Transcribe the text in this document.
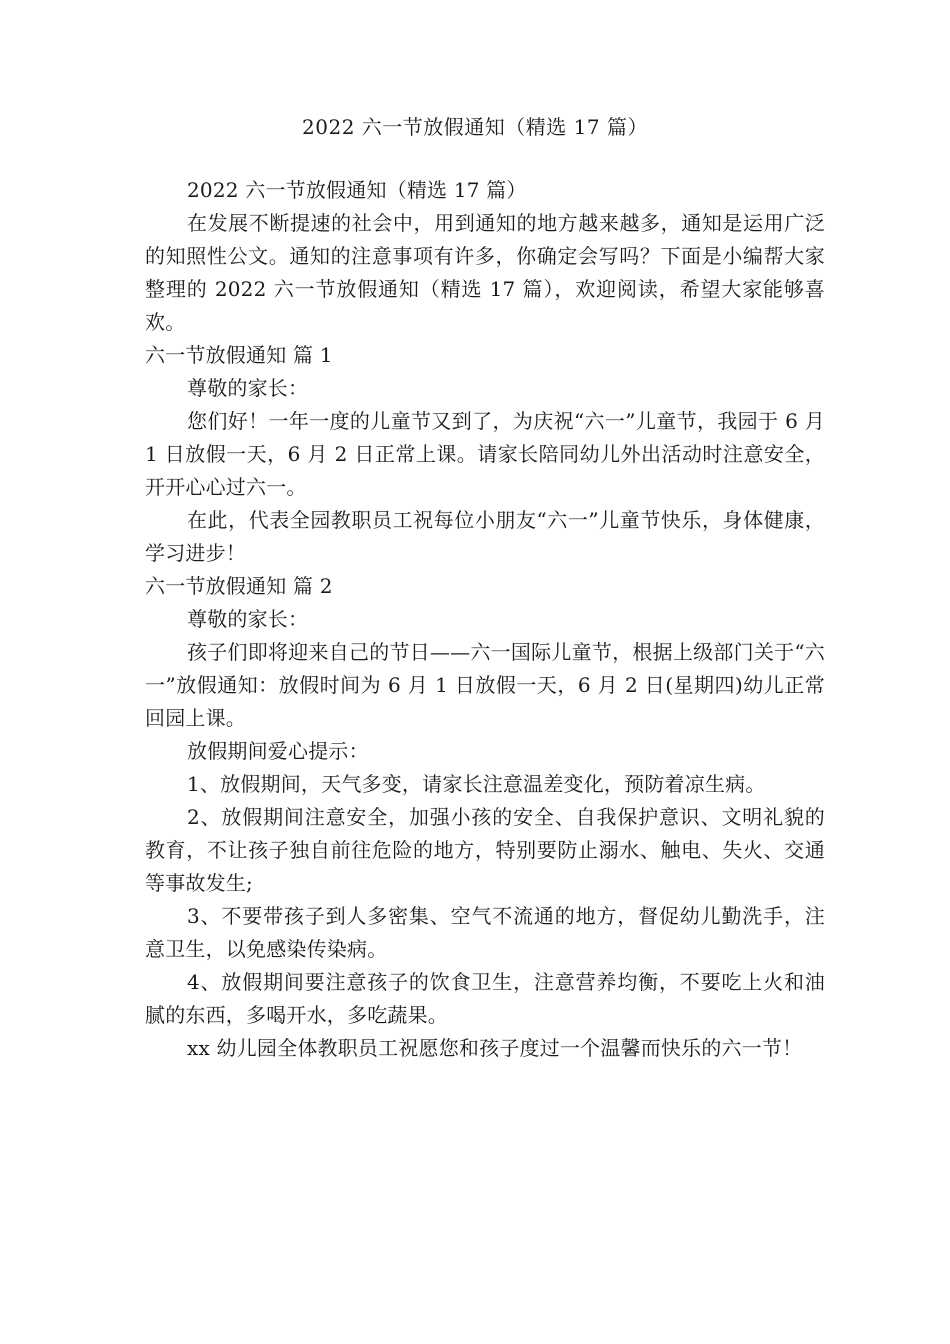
2022 六一节放假通知（精选 17 篇）

2022 六一节放假通知（精选 17 篇）

在发展不断提速的社会中，用到通知的地方越来越多，通知是运用广泛的知照性公文。通知的注意事项有许多，你确定会写吗？下面是小编帮大家整理的 2022 六一节放假通知（精选 17 篇），欢迎阅读，希望大家能够喜欢。

六一节放假通知 篇 1

尊敬的家长：

您们好！一年一度的儿童节又到了，为庆祝“六一”儿童节，我园于 6 月 1 日放假一天，6 月 2 日正常上课。请家长陪同幼儿外出活动时注意安全，开开心心过六一。

在此，代表全园教职员工祝每位小朋友“六一”儿童节快乐，身体健康，学习进步！

六一节放假通知 篇 2

尊敬的家长：

孩子们即将迎来自己的节日——六一国际儿童节，根据上级部门关于“六一”放假通知：放假时间为 6 月 1 日放假一天，6 月 2 日(星期四)幼儿正常回园上课。

放假期间爱心提示：

1、放假期间，天气多变，请家长注意温差变化，预防着凉生病。

2、放假期间注意安全，加强小孩的安全、自我保护意识、文明礼貌的教育，不让孩子独自前往危险的地方，特别要防止溺水、触电、失火、交通等事故发生;

3、不要带孩子到人多密集、空气不流通的地方，督促幼儿勤洗手，注意卫生，以免感染传染病。

4、放假期间要注意孩子的饮食卫生，注意营养均衡，不要吃上火和油腻的东西，多喝开水，多吃蔬果。

xx 幼儿园全体教职员工祝愿您和孩子度过一个温馨而快乐的六一节！
